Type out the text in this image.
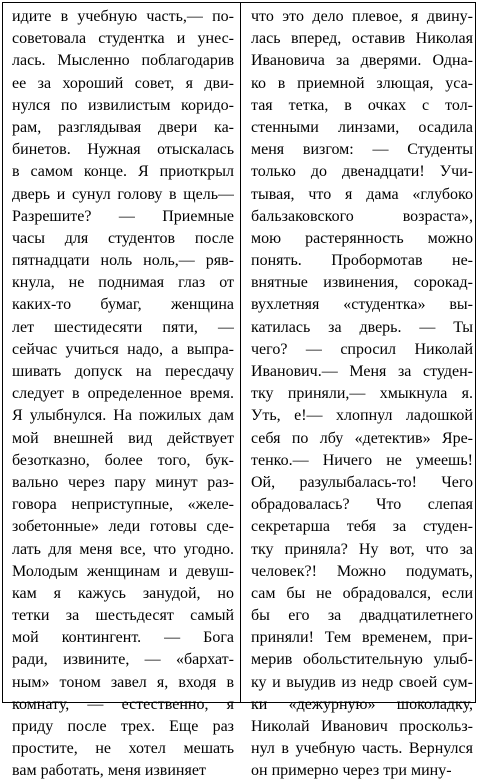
идите в учебную часть,— по-
советовала студентка и унес-
лась. Мысленно поблагодарив
ее за хороший совет, я дви-
нулся по извилистым коридо-
рам, разглядывая двери ка-
бинетов. Нужная отыскалась
в самом конце. Я приоткрыл
дверь и сунул голову в щель—
Разрешите? — Приемные
часы для студентов после
пятнадцати ноль ноль,— ряв-
кнула, не поднимая глаз от
каких-то бумаг, женщина
лет шестидесяти пяти, —
сейчас учиться надо, а выпра-
шивать допуск на пересдачу
следует в определенное время.
Я улыбнулся. На пожилых дам
мой внешней вид действует
безотказно, более того, бук-
вально через пару минут раз-
говора неприступные, «желе-
зобетонные» леди готовы сде-
лать для меня все, что угодно.
Молодым женщинам и девуш-
кам я кажусь занудой, но
тетки за шестьдесят самый
мой контингент. — Бога
ради, извините, — «бархат-
ным» тоном завел я, входя в
комнату, — естественно, я
приду после трех. Еще раз
простите, не хотел мешать
вам работать, меня извиняет
что это дело плевое, я двину-
лась вперед, оставив Николая
Ивановича за дверями. Одна-
ко в приемной злющая, уса-
тая тетка, в очках с тол-
стенными линзами, осадила
меня визгом: — Студенты
только до двенадцати! Учи-
тывая, что я дама «глубоко
бальзаковского возраста»,
мою растерянность можно
понять. Пробормотав не-
внятные извинения, сорокад-
вухлетняя «студентка» вы-
катилась за дверь. — Ты
чего? — спросил Николай
Иванович.— Меня за студен-
тку приняли,— хмыкнула я.
Уть, е!— хлопнул ладошкой
себя по лбу «детектив» Яре-
тенко.— Ничего не умеешь!
Ой, разулыбалась-то! Чего
обрадовалась? Что слепая
секретарша тебя за студен-
тку приняла? Ну вот, что за
человек?! Можно подумать,
сам бы не обрадовался, если
бы его за двадцатилетнего
приняли! Тем временем, при-
мерив обольстительную улыб-
ку и выудив из недр своей сум-
ки «дежурную» шоколадку,
Николай Иванович проскольз-
нул в учебную часть. Вернулся
он примерно через три мину-
